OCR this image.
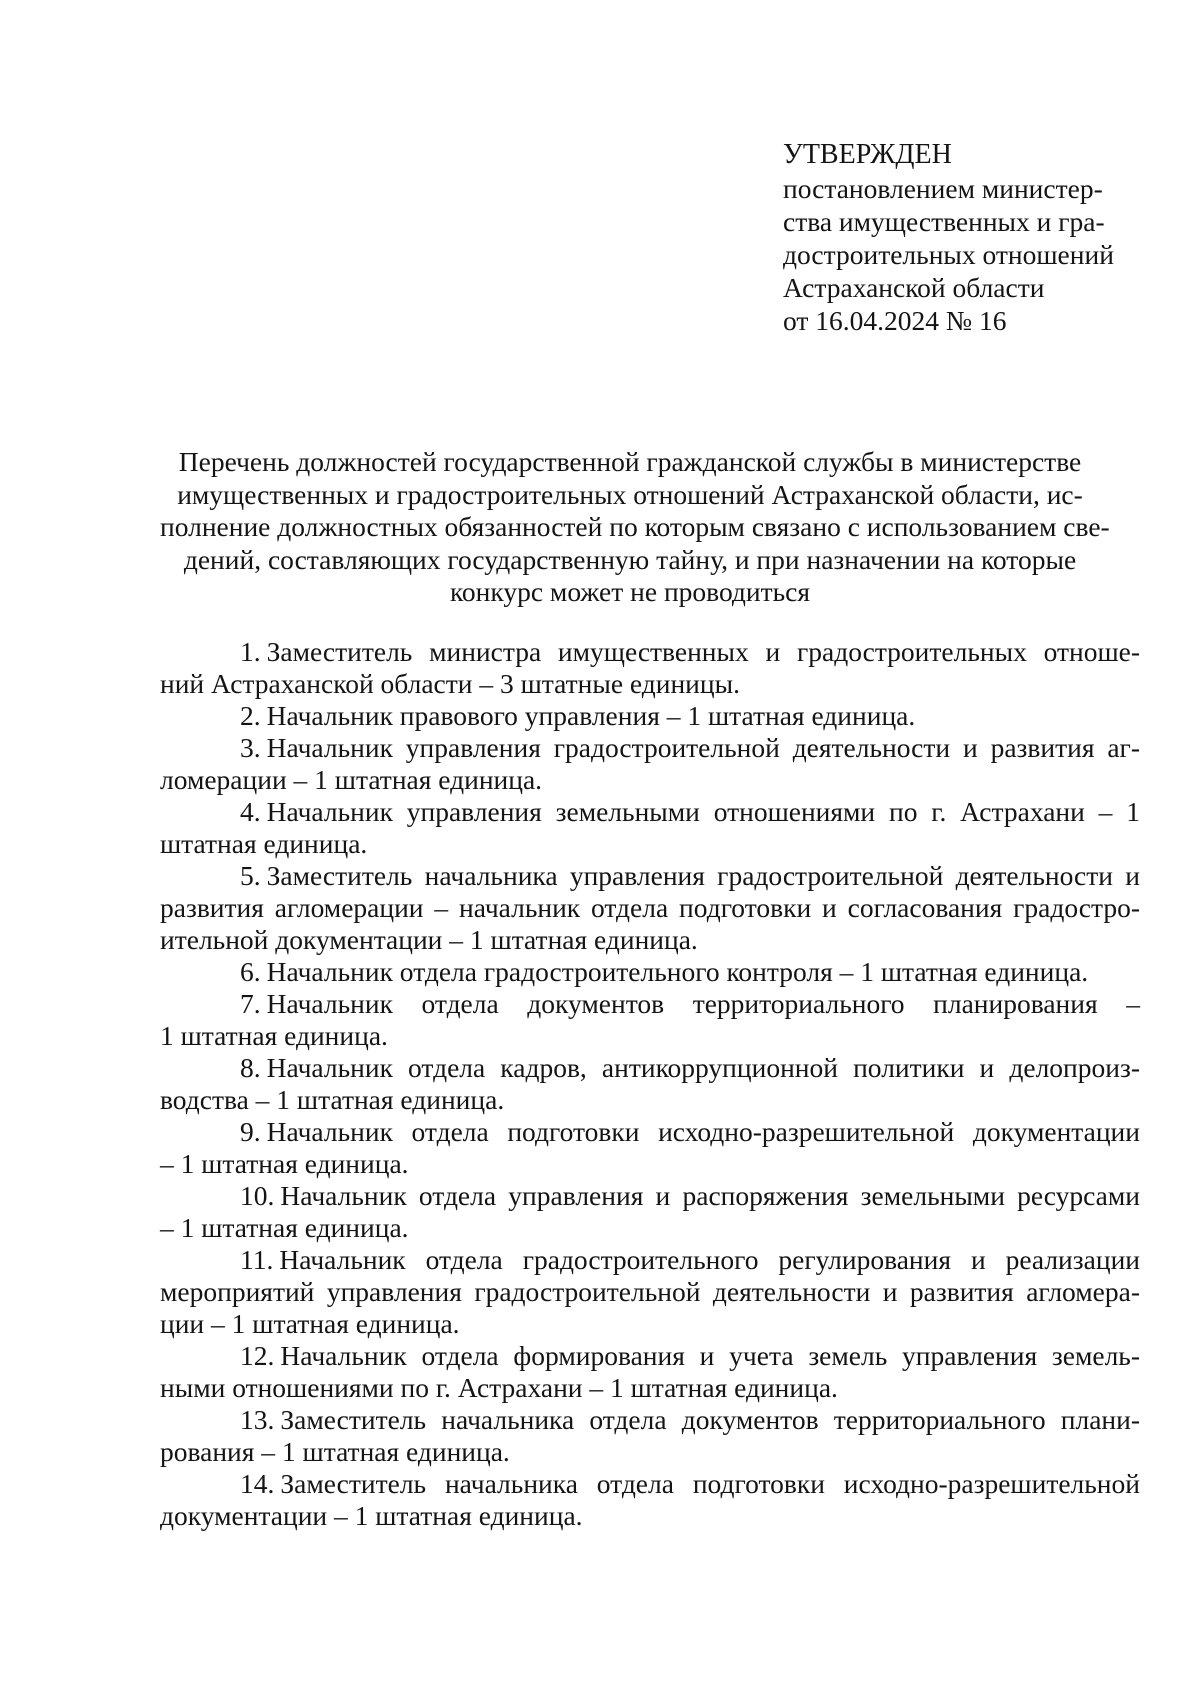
УТВЕРЖДЕН
постановлением министер-
ства имущественных и гра-
достроительных отношений
Астраханской области
от 16.04.2024 № 16
Перечень должностей государственной гражданской службы в министерстве
имущественных и градостроительных отношений Астраханской области, ис-
полнение должностных обязанностей по которым связано с использованием све-
дений, составляющих государственную тайну, и при назначении на которые
конкурс может не проводиться
1. Заместитель министра имущественных и градостроительных отноше-
ний Астраханской области – 3 штатные единицы.
2. Начальник правового управления – 1 штатная единица.
3. Начальник управления градостроительной деятельности и развития аг-
ломерации – 1 штатная единица.
4. Начальник управления земельными отношениями по г. Астрахани – 1
штатная единица.
5. Заместитель начальника управления градостроительной деятельности и
развития агломерации – начальник отдела подготовки и согласования градостро-
ительной документации – 1 штатная единица.
6. Начальник отдела градостроительного контроля – 1 штатная единица.
7. Начальник отдела документов территориального планирования –
1 штатная единица.
8. Начальник отдела кадров, антикоррупционной политики и делопроиз-
водства – 1 штатная единица.
9. Начальник отдела подготовки исходно-разрешительной документации
– 1 штатная единица.
10. Начальник отдела управления и распоряжения земельными ресурсами
– 1 штатная единица.
11. Начальник отдела градостроительного регулирования и реализации
мероприятий управления градостроительной деятельности и развития агломера-
ции – 1 штатная единица.
12. Начальник отдела формирования и учета земель управления земель-
ными отношениями по г. Астрахани – 1 штатная единица.
13. Заместитель начальника отдела документов территориального плани-
рования – 1 штатная единица.
14. Заместитель начальника отдела подготовки исходно-разрешительной
документации – 1 штатная единица.
